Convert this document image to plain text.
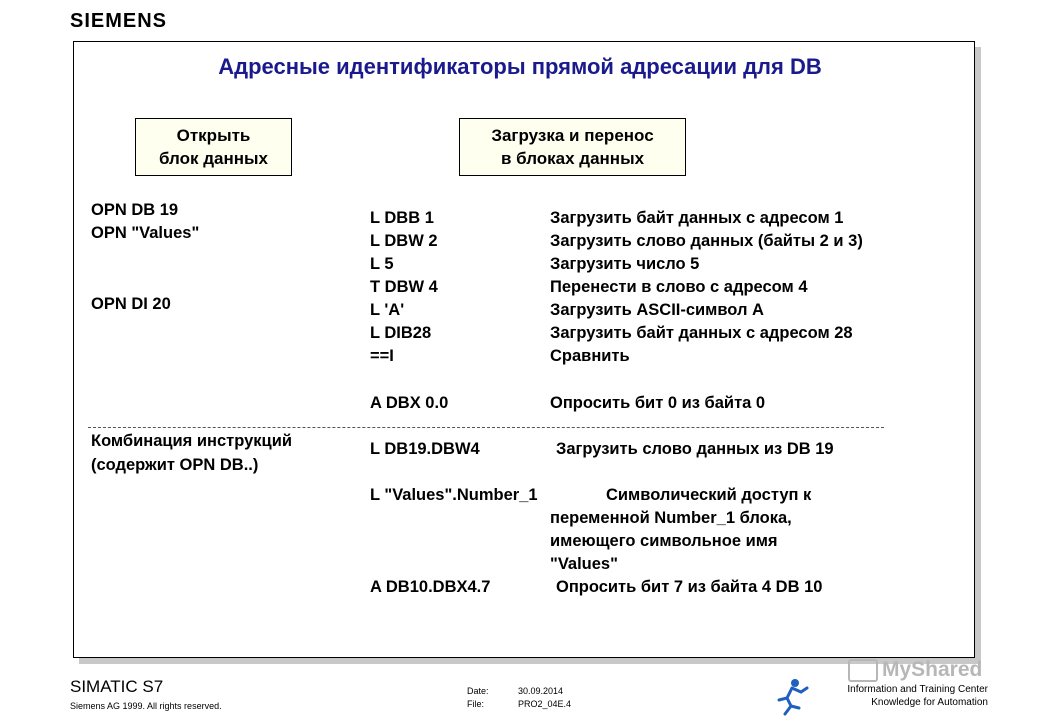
SIEMENS
Адресные идентификаторы прямой адресации для DB
Открыть
блок данных
Загрузка и перенос
в блоках данных
OPN DB 19
OPN "Values"
OPN DI 20
Комбинация инструкций
(содержит OPN DB..)
L DBB 1	Загрузить байт данных с адресом 1
L DBW 2	Загрузить слово данных (байты 2 и 3)
L 5	Загрузить число 5
T DBW 4	Перенести в слово с адресом 4
L 'A'	Загрузить ASCII-символ A
L DIB28	Загрузить байт данных с адресом 28
==I	Сравнить
A DBX 0.0	Опросить бит 0 из байта 0
L DB19.DBW4	Загрузить слово данных из DB 19
L "Values".Number_1	Символический доступ к
переменной Number_1 блока,
имеющего символьное имя
"Values"
A DB10.DBX4.7	Опросить бит 7 из байта 4 DB 10
SIMATIC S7
Siemens AG 1999. All rights reserved.
Date:	30.09.2014
File:	PRO2_04E.4
MyShared
Information and Training Center
Knowledge for Automation
